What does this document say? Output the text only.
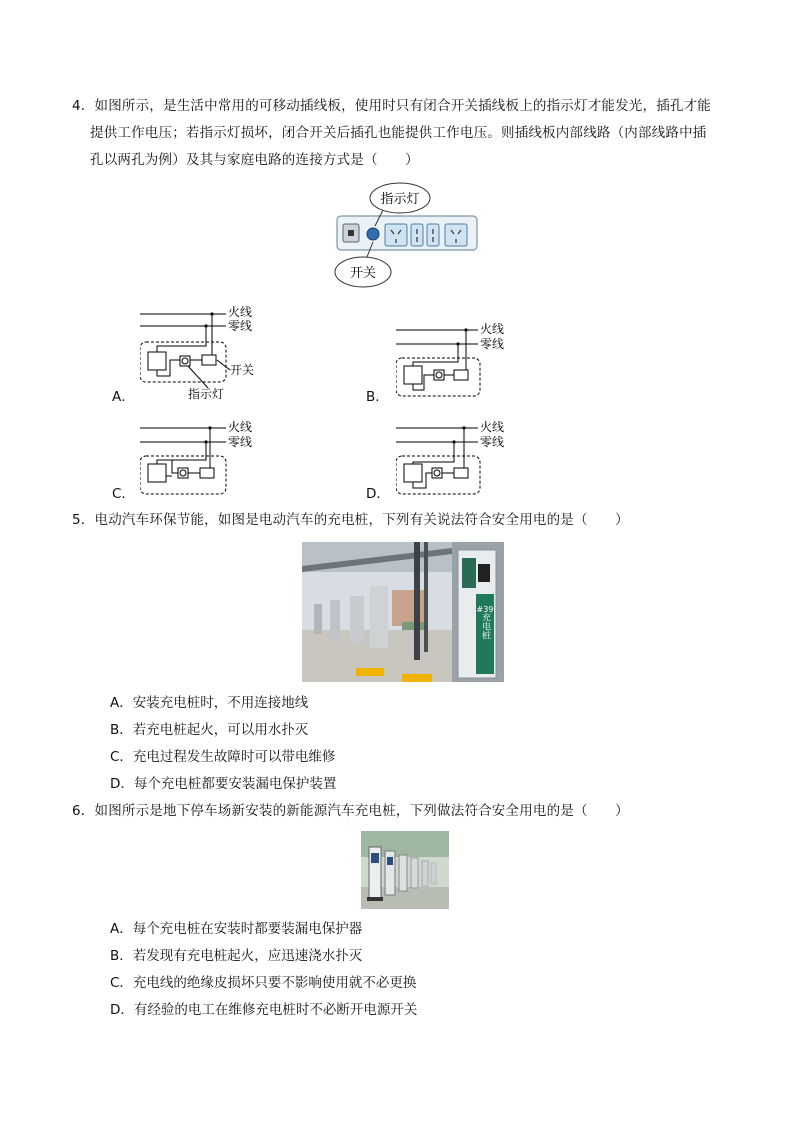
4．如图所示，是生活中常用的可移动插线板，使用时只有闭合开关插线板上的指示灯才能发光，插孔才能
提供工作电压；若指示灯损坏，闭合开关后插孔也能提供工作电压。则插线板内部线路（内部线路中插
孔以两孔为例）及其与家庭电路的连接方式是（　　）
指示灯
开关
火线
零线
开关
指示灯
A．
火线
零线
B．
火线
零线
C．
火线
零线
D．
5．电动汽车环保节能，如图是电动汽车的充电桩，下列有关说法符合安全用电的是（　　）
#39
充电桩
A．安装充电桩时，不用连接地线
B．若充电桩起火，可以用水扑灭
C．充电过程发生故障时可以带电维修
D．每个充电桩都要安装漏电保护装置
6．如图所示是地下停车场新安装的新能源汽车充电桩，下列做法符合安全用电的是（　　）
A．每个充电桩在安装时都要装漏电保护器
B．若发现有充电桩起火，应迅速浇水扑灭
C．充电线的绝缘皮损坏只要不影响使用就不必更换
D．有经验的电工在维修充电桩时不必断开电源开关
